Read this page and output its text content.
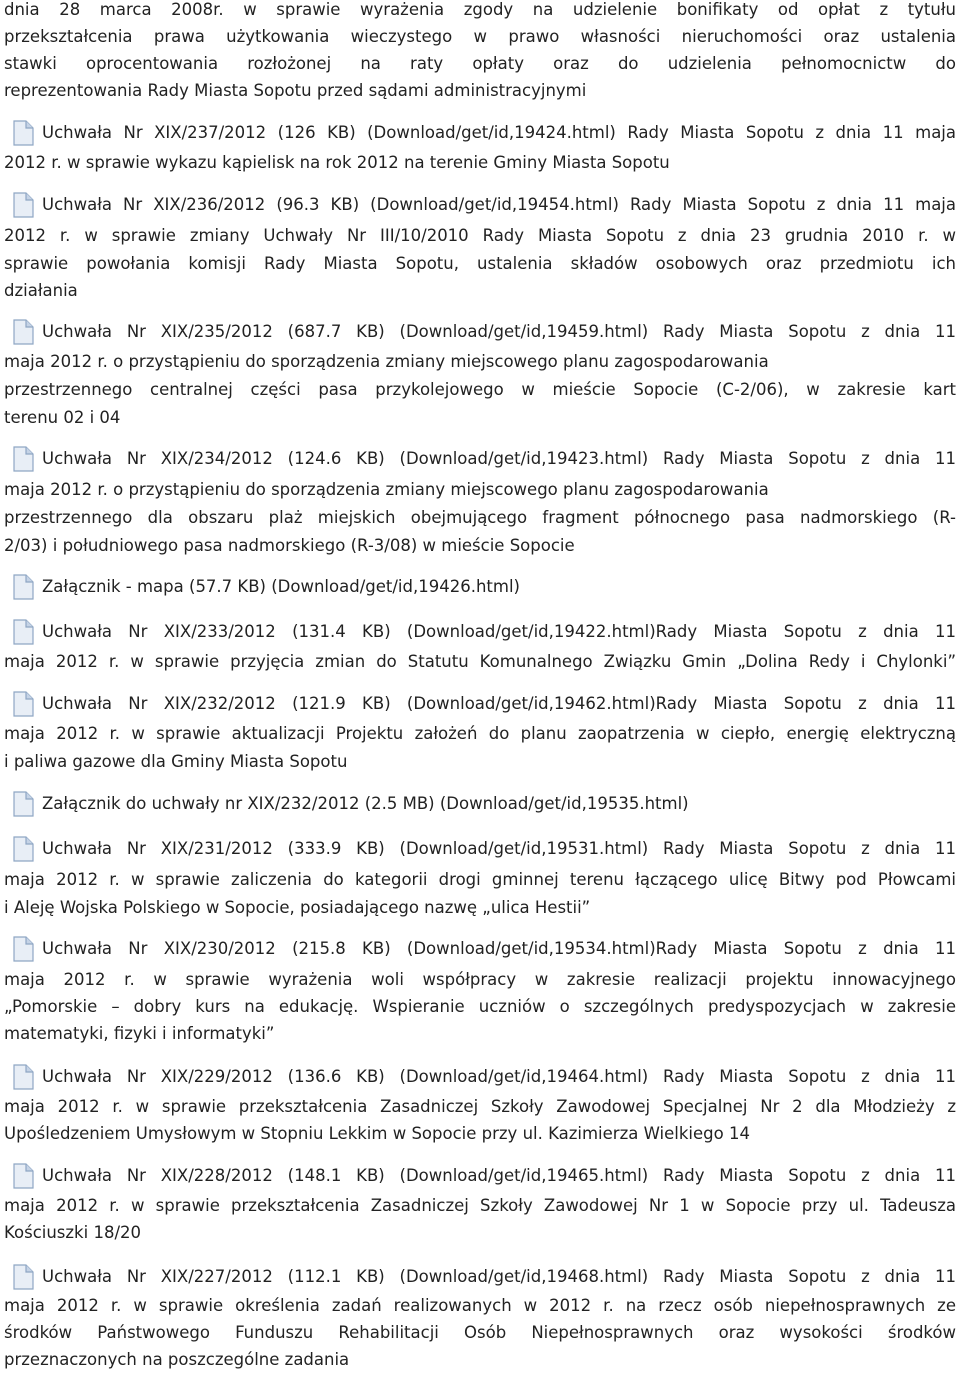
dnia 28 marca 2008r. w sprawie wyrażenia zgody na udzielenie bonifikaty od opłat z tytułu
przekształcenia prawa użytkowania wieczystego w prawo własności nieruchomości oraz ustalenia
stawki oprocentowania rozłożonej na raty opłaty oraz do udzielenia pełnomocnictw do
reprezentowania Rady Miasta Sopotu przed sądami administracyjnymi
Uchwała Nr XIX/237/2012 (126 KB) (Download/get/id,19424.html) Rady Miasta Sopotu z dnia 11 maja
2012 r. w sprawie wykazu kąpielisk na rok 2012 na terenie Gminy Miasta Sopotu
Uchwała Nr XIX/236/2012 (96.3 KB) (Download/get/id,19454.html) Rady Miasta Sopotu z dnia 11 maja
2012 r. w sprawie zmiany Uchwały Nr III/10/2010 Rady Miasta Sopotu z dnia 23 grudnia 2010 r. w
sprawie powołania komisji Rady Miasta Sopotu, ustalenia składów osobowych oraz przedmiotu ich
działania
Uchwała Nr XIX/235/2012 (687.7 KB) (Download/get/id,19459.html) Rady Miasta Sopotu z dnia 11
maja 2012 r. o przystąpieniu do sporządzenia zmiany miejscowego planu zagospodarowania
przestrzennego centralnej części pasa przykolejowego w mieście Sopocie (C-2/06), w zakresie kart
terenu 02 i 04
Uchwała Nr XIX/234/2012 (124.6 KB) (Download/get/id,19423.html) Rady Miasta Sopotu z dnia 11
maja 2012 r. o przystąpieniu do sporządzenia zmiany miejscowego planu zagospodarowania
przestrzennego dla obszaru plaż miejskich obejmującego fragment północnego pasa nadmorskiego (R-
2/03) i południowego pasa nadmorskiego (R-3/08) w mieście Sopocie
Załącznik - mapa (57.7 KB) (Download/get/id,19426.html)
Uchwała Nr XIX/233/2012 (131.4 KB) (Download/get/id,19422.html)Rady Miasta Sopotu z dnia 11
maja 2012 r. w sprawie przyjęcia zmian do Statutu Komunalnego Związku Gmin „Dolina Redy i Chylonki”
Uchwała Nr XIX/232/2012 (121.9 KB) (Download/get/id,19462.html)Rady Miasta Sopotu z dnia 11
maja 2012 r. w sprawie aktualizacji Projektu założeń do planu zaopatrzenia w ciepło, energię elektryczną
i paliwa gazowe dla Gminy Miasta Sopotu
Załącznik do uchwały nr XIX/232/2012 (2.5 MB) (Download/get/id,19535.html)
Uchwała Nr XIX/231/2012 (333.9 KB) (Download/get/id,19531.html) Rady Miasta Sopotu z dnia 11
maja 2012 r. w sprawie zaliczenia do kategorii drogi gminnej terenu łączącego ulicę Bitwy pod Płowcami
i Aleję Wojska Polskiego w Sopocie, posiadającego nazwę „ulica Hestii”
Uchwała Nr XIX/230/2012 (215.8 KB) (Download/get/id,19534.html)Rady Miasta Sopotu z dnia 11
maja 2012 r. w sprawie wyrażenia woli współpracy w zakresie realizacji projektu innowacyjnego
„Pomorskie – dobry kurs na edukację. Wspieranie uczniów o szczególnych predyspozycjach w zakresie
matematyki, fizyki i informatyki”
Uchwała Nr XIX/229/2012 (136.6 KB) (Download/get/id,19464.html) Rady Miasta Sopotu z dnia 11
maja 2012 r. w sprawie przekształcenia Zasadniczej Szkoły Zawodowej Specjalnej Nr 2 dla Młodzieży z
Upośledzeniem Umysłowym w Stopniu Lekkim w Sopocie przy ul. Kazimierza Wielkiego 14
Uchwała Nr XIX/228/2012 (148.1 KB) (Download/get/id,19465.html) Rady Miasta Sopotu z dnia 11
maja 2012 r. w sprawie przekształcenia Zasadniczej Szkoły Zawodowej Nr 1 w Sopocie przy ul. Tadeusza
Kościuszki 18/20
Uchwała Nr XIX/227/2012 (112.1 KB) (Download/get/id,19468.html) Rady Miasta Sopotu z dnia 11
maja 2012 r. w sprawie określenia zadań realizowanych w 2012 r. na rzecz osób niepełnosprawnych ze
środków Państwowego Funduszu Rehabilitacji Osób Niepełnosprawnych oraz wysokości środków
przeznaczonych na poszczególne zadania
